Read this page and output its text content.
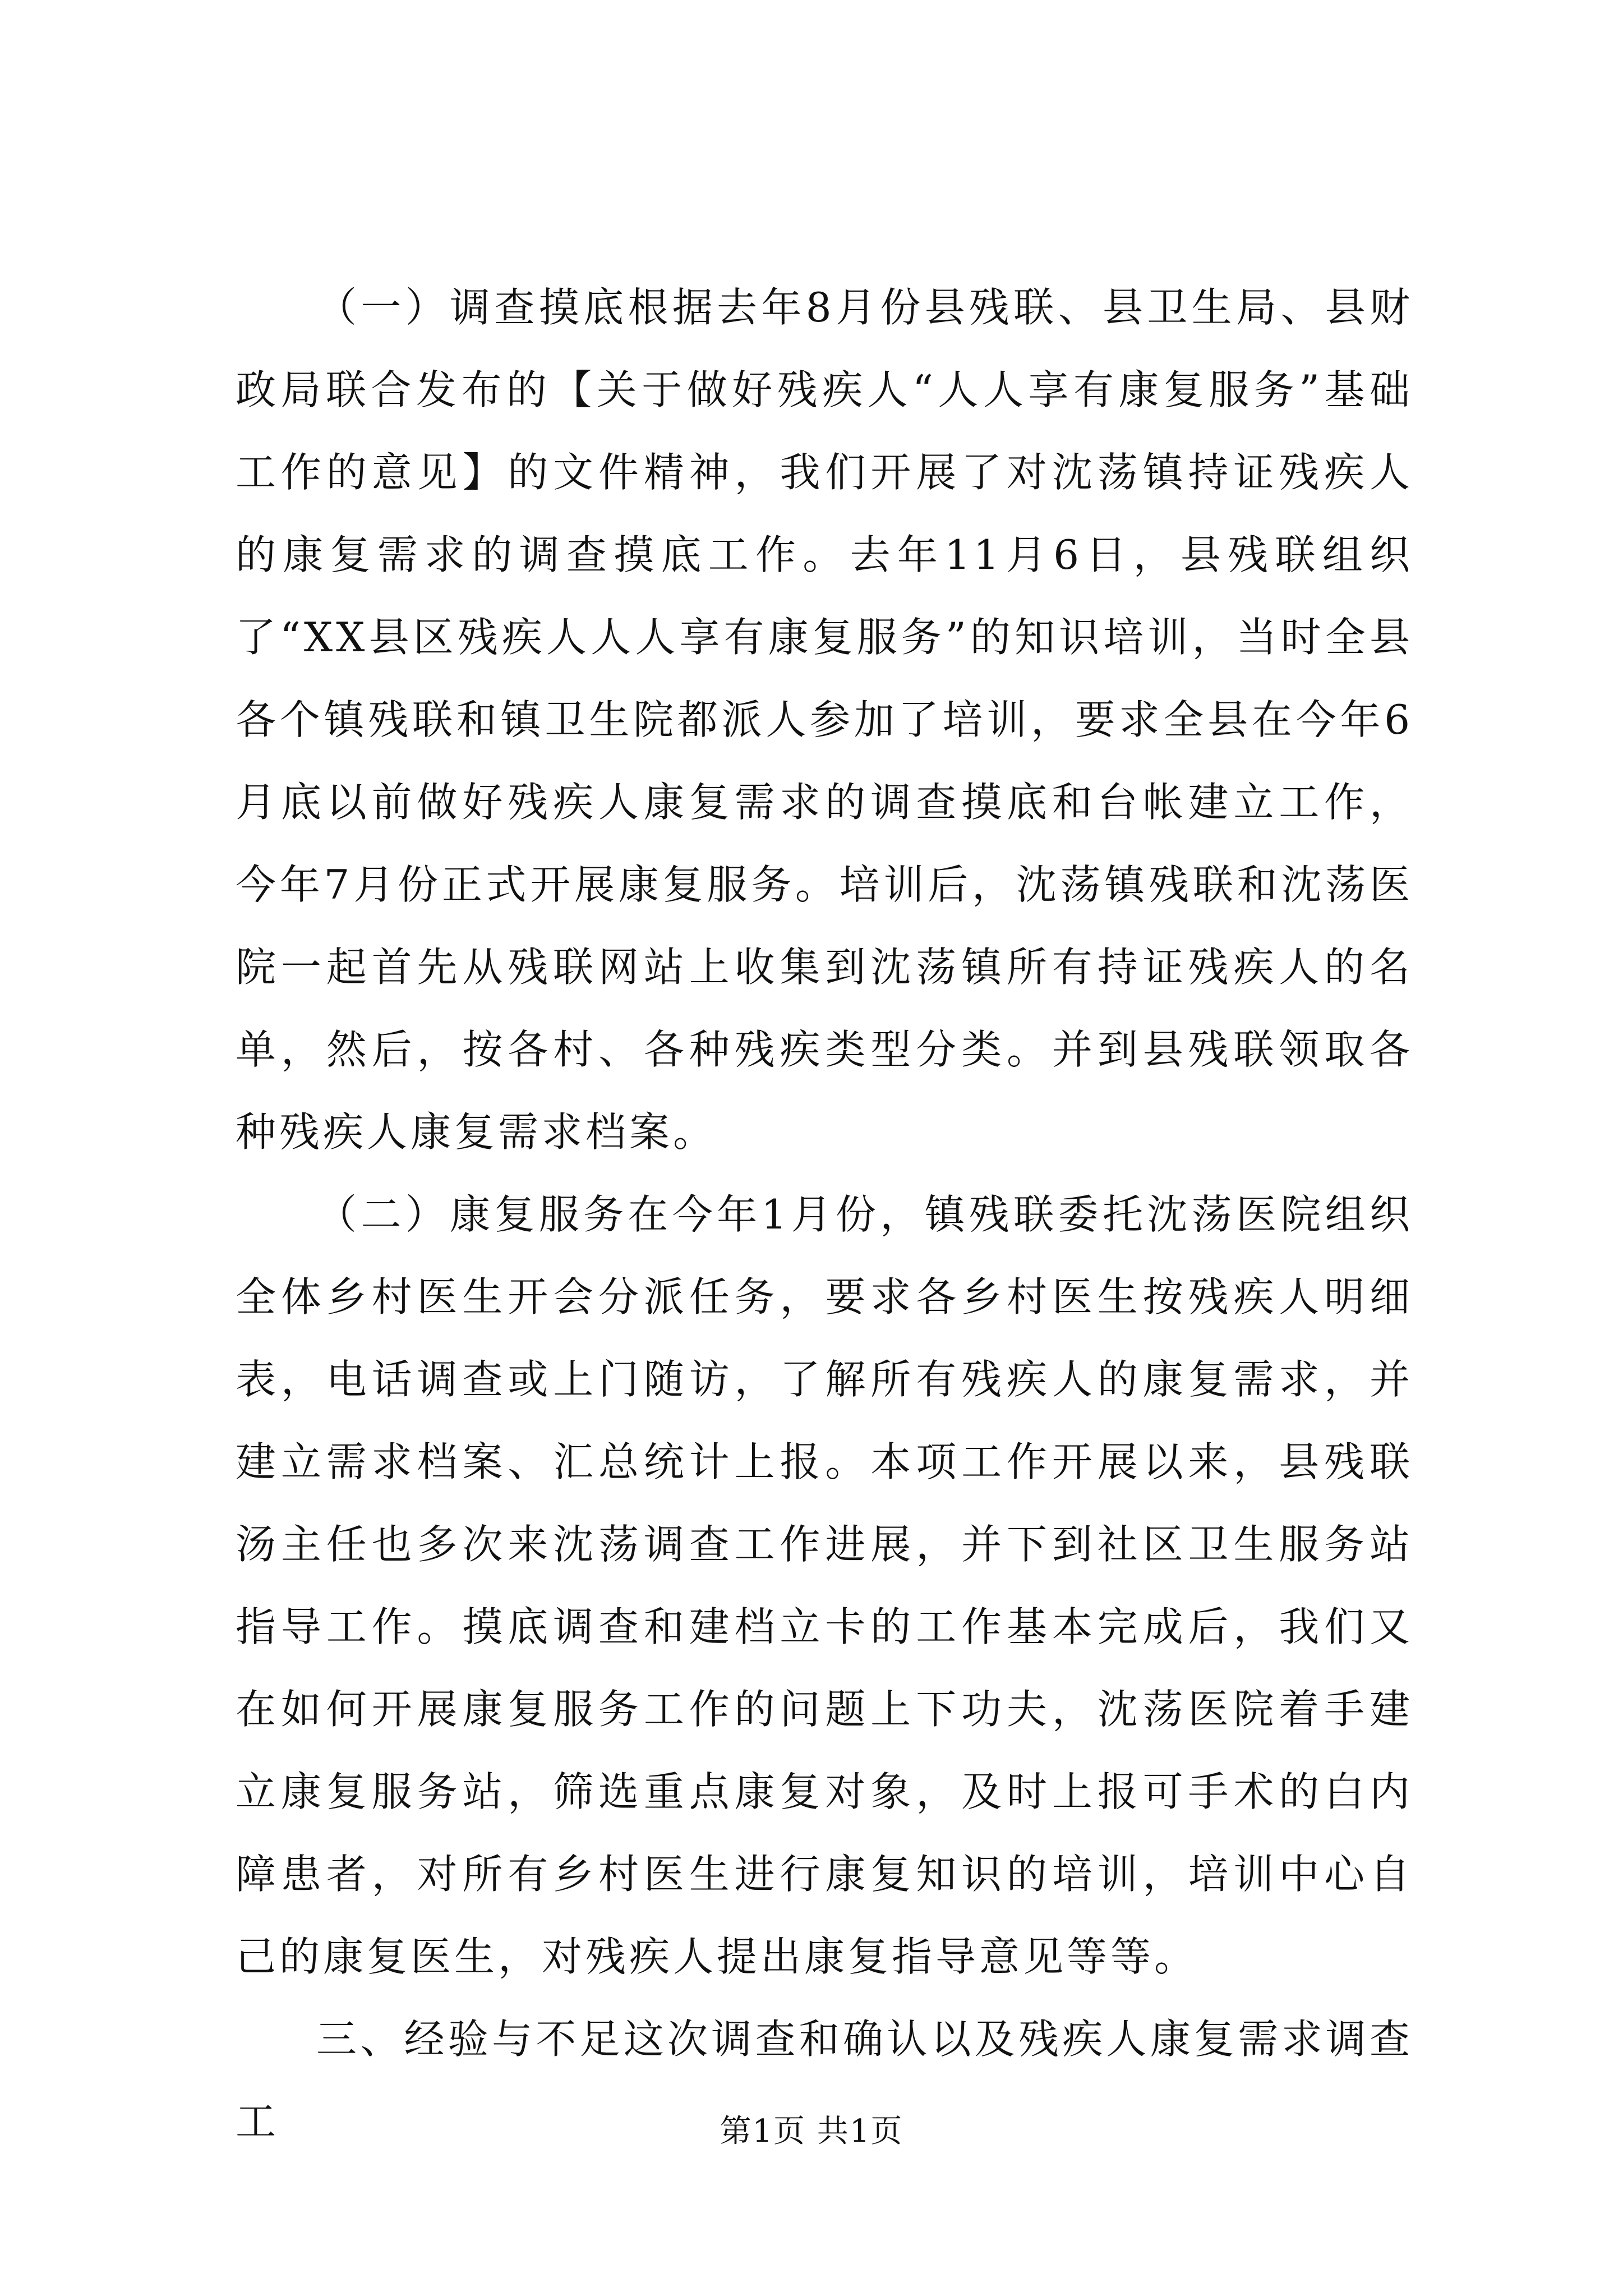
（一）调查摸底根据去年8月份县残联、县卫生局、县财政局联合发布的【关于做好残疾人“人人享有康复服务”基础工作的意见】的文件精神，我们开展了对沈荡镇持证残疾人的康复需求的调查摸底工作。去年11月6日，县残联组织了“XX县区残疾人人人享有康复服务”的知识培训，当时全县各个镇残联和镇卫生院都派人参加了培训，要求全县在今年6月底以前做好残疾人康复需求的调查摸底和台帐建立工作，今年7月份正式开展康复服务。培训后，沈荡镇残联和沈荡医院一起首先从残联网站上收集到沈荡镇所有持证残疾人的名单，然后，按各村、各种残疾类型分类。并到县残联领取各种残疾人康复需求档案。

（二）康复服务在今年1月份，镇残联委托沈荡医院组织全体乡村医生开会分派任务，要求各乡村医生按残疾人明细表，电话调查或上门随访，了解所有残疾人的康复需求，并建立需求档案、汇总统计上报。本项工作开展以来，县残联汤主任也多次来沈荡调查工作进展，并下到社区卫生服务站指导工作。摸底调查和建档立卡的工作基本完成后，我们又在如何开展康复服务工作的问题上下功夫，沈荡医院着手建立康复服务站，筛选重点康复对象，及时上报可手术的白内障患者，对所有乡村医生进行康复知识的培训，培训中心自己的康复医生，对残疾人提出康复指导意见等等。

三、经验与不足这次调查和确认以及残疾人康复需求调查工	第1页 共1页
